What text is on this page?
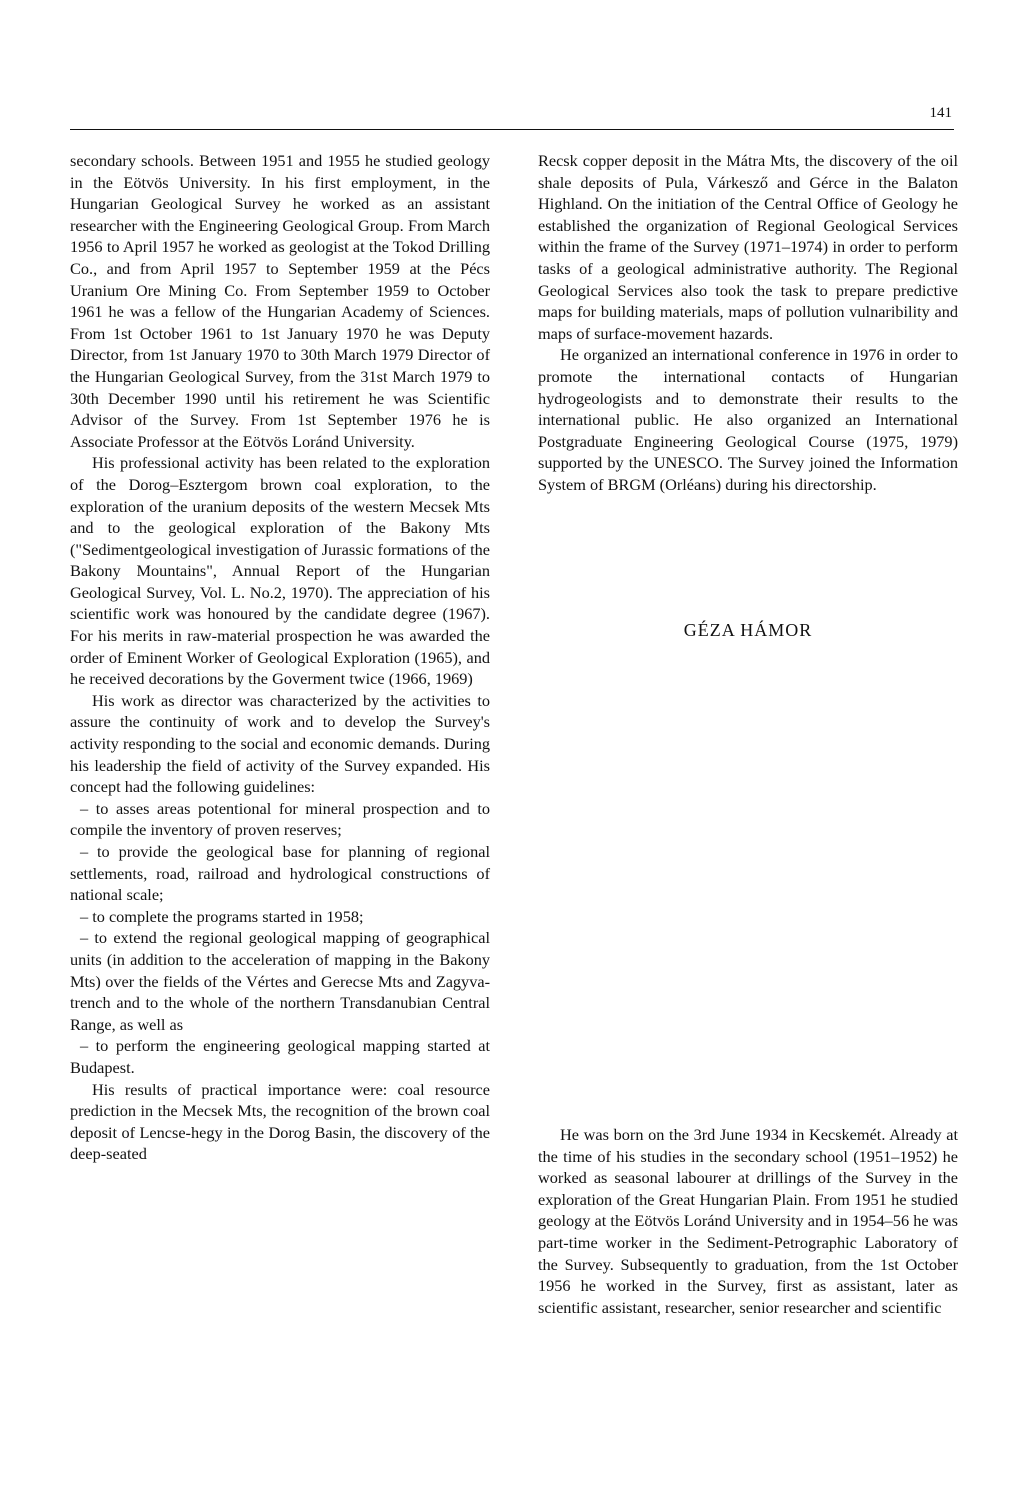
141

secondary schools. Between 1951 and 1955 he studied geology in the Eötvös University. In his first employment, in the Hungarian Geological Survey he worked as an assistant researcher with the Engineering Geological Group. From March 1956 to April 1957 he worked as geologist at the Tokod Drilling Co., and from April 1957 to September 1959 at the Pécs Uranium Ore Mining Co. From September 1959 to October 1961 he was a fellow of the Hungarian Academy of Sciences. From 1st October 1961 to 1st January 1970 he was Deputy Director, from 1st January 1970 to 30th March 1979 Director of the Hungarian Geological Survey, from the 31st March 1979 to 30th December 1990 until his retirement he was Scientific Advisor of the Survey. From 1st September 1976 he is Associate Professor at the Eötvös Loránd University.

His professional activity has been related to the exploration of the Dorog–Esztergom brown coal exploration, to the exploration of the uranium deposits of the western Mecsek Mts and to the geological exploration of the Bakony Mts ("Sedimentgeological investigation of Jurassic formations of the Bakony Mountains", Annual Report of the Hungarian Geological Survey, Vol. L. No.2, 1970). The appreciation of his scientific work was honoured by the candidate degree (1967). For his merits in raw-material prospection he was awarded the order of Eminent Worker of Geological Exploration (1965), and he received decorations by the Goverment twice (1966, 1969)

His work as director was characterized by the activities to assure the continuity of work and to develop the Survey's activity responding to the social and economic demands. During his leadership the field of activity of the Survey expanded. His concept had the following guidelines:

– to asses areas potentional for mineral prospection and to compile the inventory of proven reserves;

– to provide the geological base for planning of regional settlements, road, railroad and hydrological constructions of national scale;

– to complete the programs started in 1958;

– to extend the regional geological mapping of geographical units (in addition to the acceleration of mapping in the Bakony Mts) over the fields of the Vértes and Gerecse Mts and Zagyva-trench and to the whole of the northern Transdanubian Central Range, as well as

– to perform the engineering geological mapping started at Budapest.

His results of practical importance were: coal resource prediction in the Mecsek Mts, the recognition of the brown coal deposit of Lencse-hegy in the Dorog Basin, the discovery of the deep-seated

Recsk copper deposit in the Mátra Mts, the discovery of the oil shale deposits of Pula, Várkesző and Gérce in the Balaton Highland. On the initiation of the Central Office of Geology he established the organization of Regional Geological Services within the frame of the Survey (1971–1974) in order to perform tasks of a geological administrative authority. The Regional Geological Services also took the task to prepare predictive maps for building materials, maps of pollution vulnaribility and maps of surface-movement hazards.

He organized an international conference in 1976 in order to promote the international contacts of Hungarian hydrogeologists and to demonstrate their results to the international public. He also organized an International Postgraduate Engineering Geological Course (1975, 1979) supported by the UNESCO. The Survey joined the Information System of BRGM (Orléans) during his directorship.

GÉZA HÁMOR

He was born on the 3rd June 1934 in Kecskemét. Already at the time of his studies in the secondary school (1951–1952) he worked as seasonal labourer at drillings of the Survey in the exploration of the Great Hungarian Plain. From 1951 he studied geology at the Eötvös Loránd University and in 1954–56 he was part-time worker in the Sediment-Petrographic Laboratory of the Survey. Subsequently to graduation, from the 1st October 1956 he worked in the Survey, first as assistant, later as scientific assistant, researcher, senior researcher and scientific
